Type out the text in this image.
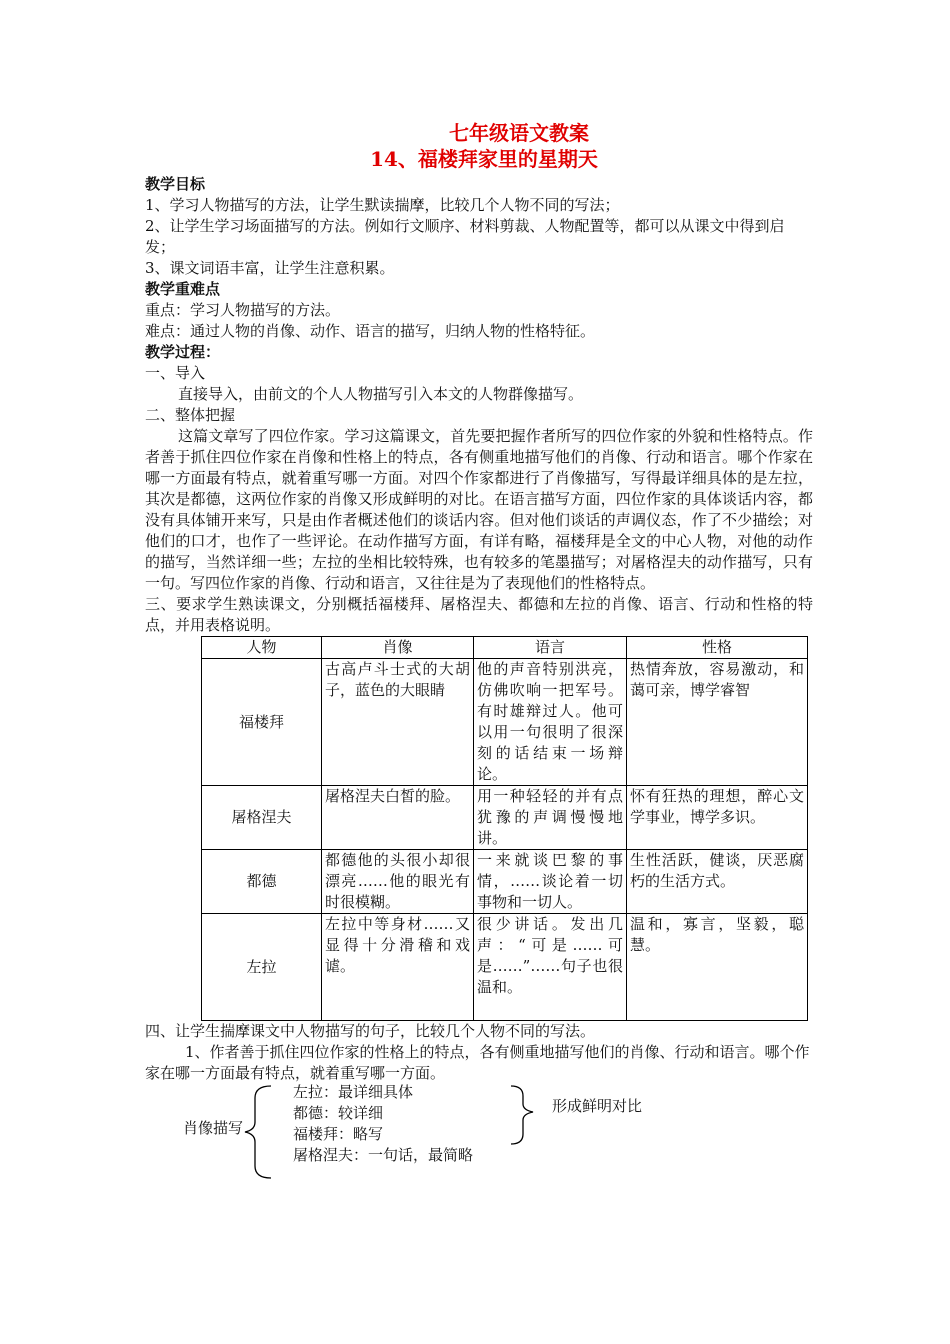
七年级语文教案
14、福楼拜家里的星期天

教学目标

1、学习人物描写的方法，让学生默读揣摩，比较几个人物不同的写法；

2、让学生学习场面描写的方法。例如行文顺序、材料剪裁、人物配置等，都可以从课文中得到启发；

3、课文词语丰富，让学生注意积累。

教学重难点

重点：学习人物描写的方法。

难点：通过人物的肖像、动作、语言的描写，归纳人物的性格特征。

教学过程：

一、导入

直接导入，由前文的个人人物描写引入本文的人物群像描写。

二、整体把握

这篇文章写了四位作家。学习这篇课文，首先要把握作者所写的四位作家的外貌和性格特点。作者善于抓住四位作家在肖像和性格上的特点，各有侧重地描写他们的肖像、行动和语言。哪个作家在哪一方面最有特点，就着重写哪一方面。对四个作家都进行了肖像描写，写得最详细具体的是左拉，其次是都德，这两位作家的肖像又形成鲜明的对比。在语言描写方面，四位作家的具体谈话内容，都没有具体铺开来写，只是由作者概述他们的谈话内容。但对他们谈话的声调仪态，作了不少描绘；对他们的口才，也作了一些评论。在动作描写方面，有详有略，福楼拜是全文的中心人物，对他的动作的描写，当然详细一些；左拉的坐相比较特殊，也有较多的笔墨描写；对屠格涅夫的动作描写，只有一句。写四位作家的肖像、行动和语言，又往往是为了表现他们的性格特点。

三、要求学生熟读课文，分别概括福楼拜、屠格涅夫、都德和左拉的肖像、语言、行动和性格的特点，并用表格说明。

人物	肖像	语言	性格
福楼拜	古高卢斗士式的大胡子，蓝色的大眼睛	他的声音特别洪亮，仿佛吹响一把军号。有时雄辩过人。他可以用一句很明了很深刻的话结束一场辩论。	热情奔放，容易激动，和蔼可亲，博学睿智
屠格涅夫	屠格涅夫白皙的脸。	用一种轻轻的并有点犹豫的声调慢慢地讲。	怀有狂热的理想，醉心文学事业，博学多识。
都德	都德他的头很小却很漂亮……他的眼光有时很模糊。	一来就谈巴黎的事情，……谈论着一切事物和一切人。	生性活跃，健谈，厌恶腐朽的生活方式。
左拉	左拉中等身材……又显得十分滑稽和戏谑。	很少讲话。发出几声：“可是……可是……”……句子也很温和。	温和，寡言，坚毅，聪慧。

四、让学生揣摩课文中人物描写的句子，比较几个人物不同的写法。

1、作者善于抓住四位作家的性格上的特点，各有侧重地描写他们的肖像、行动和语言。哪个作家在哪一方面最有特点，就着重写哪一方面。

肖像描写
左拉：最详细具体
都德：较详细
福楼拜：略写
屠格涅夫：一句话，最简略
形成鲜明对比
